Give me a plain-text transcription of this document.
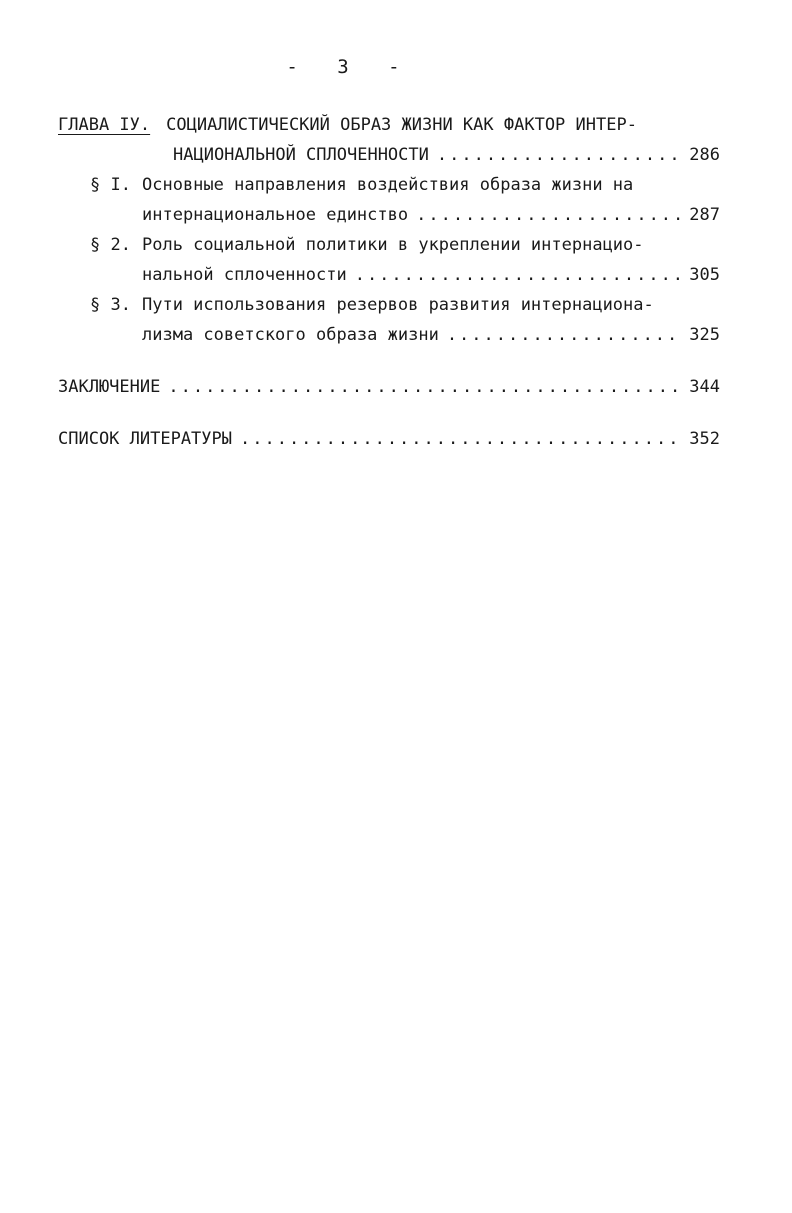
- 3 -
ГЛАВА IУ. СОЦИАЛИСТИЧЕСКИЙ ОБРАЗ ЖИЗНИ КАК ФАКТОР ИНТЕР-
НАЦИОНАЛЬНОЙ СПЛОЧЕННОСТИ .....	286
§ I. Основные направления воздействия образа жизни на
интернациональное единство .....	287
§ 2. Роль социальной политики в укреплении интернацио-
нальной сплоченности .....	305
§ 3. Пути использования резервов развития интернациона-
лизма советского образа жизни .....	325
ЗАКЛЮЧЕНИЕ .....	344
СПИСОК ЛИТЕРАТУРЫ .....	352
